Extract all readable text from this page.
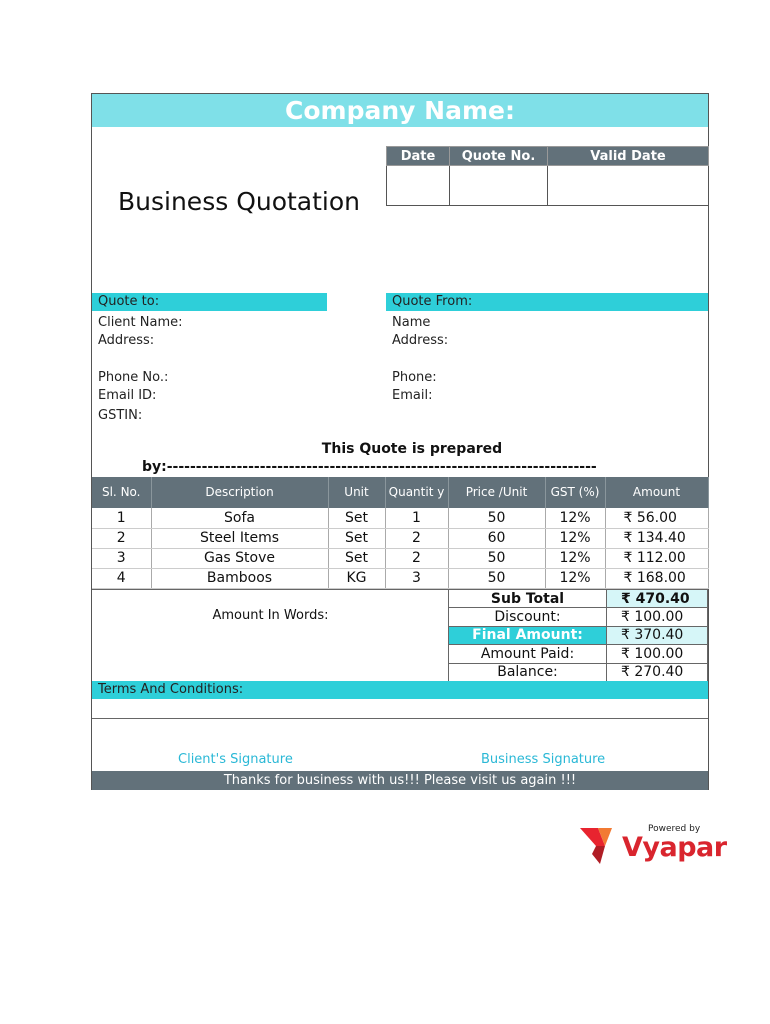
Company Name:
Business Quotation
Date	Quote No.	Valid Date

Quote to:	Quote From:
Client Name:
Address:
Phone No.:
Email ID:
GSTIN:
Name
Address:
Phone:
Email:
This Quote is prepared
by:--------------------------------------------------------------------------
Sl. No.	Description	Unit	Quantit y	Price /Unit	GST (%)	Amount
1	Sofa	Set	1	50	12%	₹ 56.00
2	Steel Items	Set	2	60	12%	₹ 134.40
3	Gas Stove	Set	2	50	12%	₹ 112.00
4	Bamboos	KG	3	50	12%	₹ 168.00
Amount In Words:
Sub Total	₹ 470.40
Discount:	₹ 100.00
Final Amount:	₹ 370.40
Amount Paid:	₹ 100.00
Balance:	₹ 270.40
Terms And Conditions:
Client's Signature	Business Signature
Thanks for business with us!!! Please visit us again !!!
Powered by
Vyapar
